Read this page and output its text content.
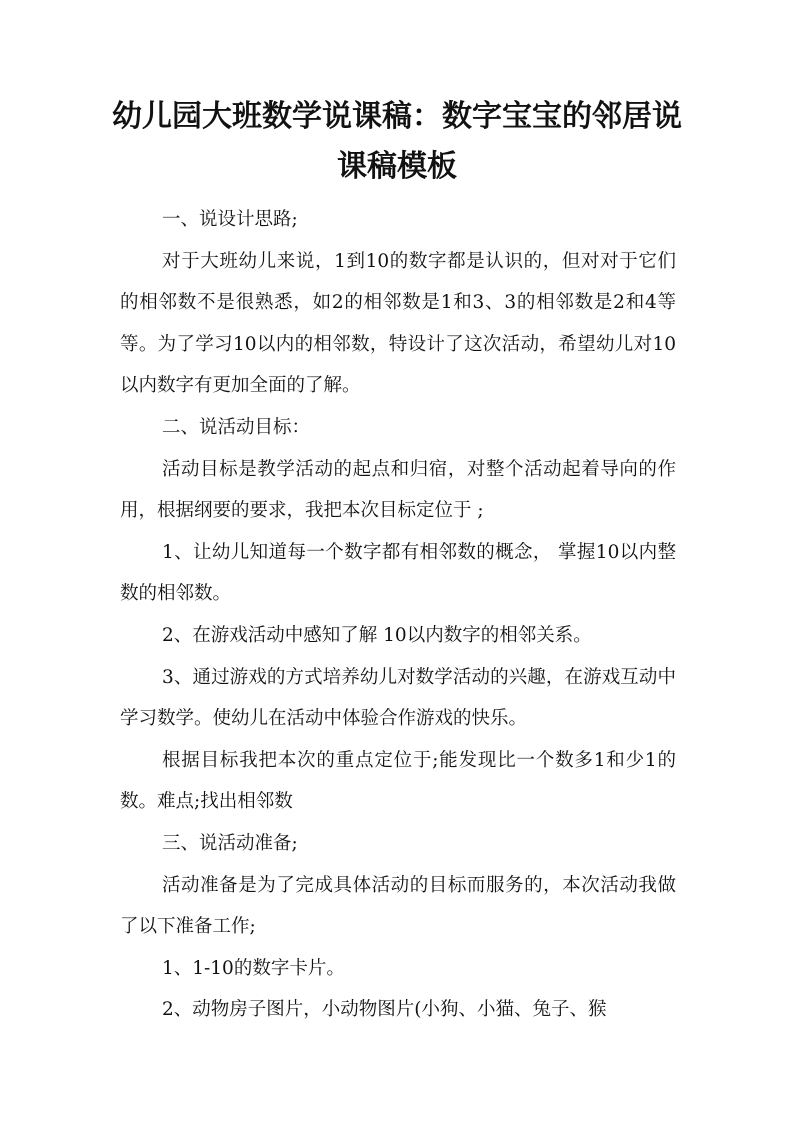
幼儿园大班数学说课稿：数字宝宝的邻居说课稿模板

一、说设计思路;

对于大班幼儿来说，1到10的数字都是认识的，但对对于它们的相邻数不是很熟悉，如2的相邻数是1和3、3的相邻数是2和4等等。为了学习10以内的相邻数，特设计了这次活动，希望幼儿对10以内数字有更加全面的了解。

二、说活动目标：

活动目标是教学活动的起点和归宿，对整个活动起着导向的作用，根据纲要的要求，我把本次目标定位于 ;

1、让幼儿知道每一个数字都有相邻数的概念， 掌握10以内整数的相邻数。

2、在游戏活动中感知了解 10以内数字的相邻关系。

3、通过游戏的方式培养幼儿对数学活动的兴趣，在游戏互动中学习数学。使幼儿在活动中体验合作游戏的快乐。

根据目标我把本次的重点定位于;能发现比一个数多1和少1的数。难点;找出相邻数

三、说活动准备;

活动准备是为了完成具体活动的目标而服务的，本次活动我做了以下准备工作;

1、1-10的数字卡片。

2、动物房子图片，小动物图片(小狗、小猫、兔子、猴
